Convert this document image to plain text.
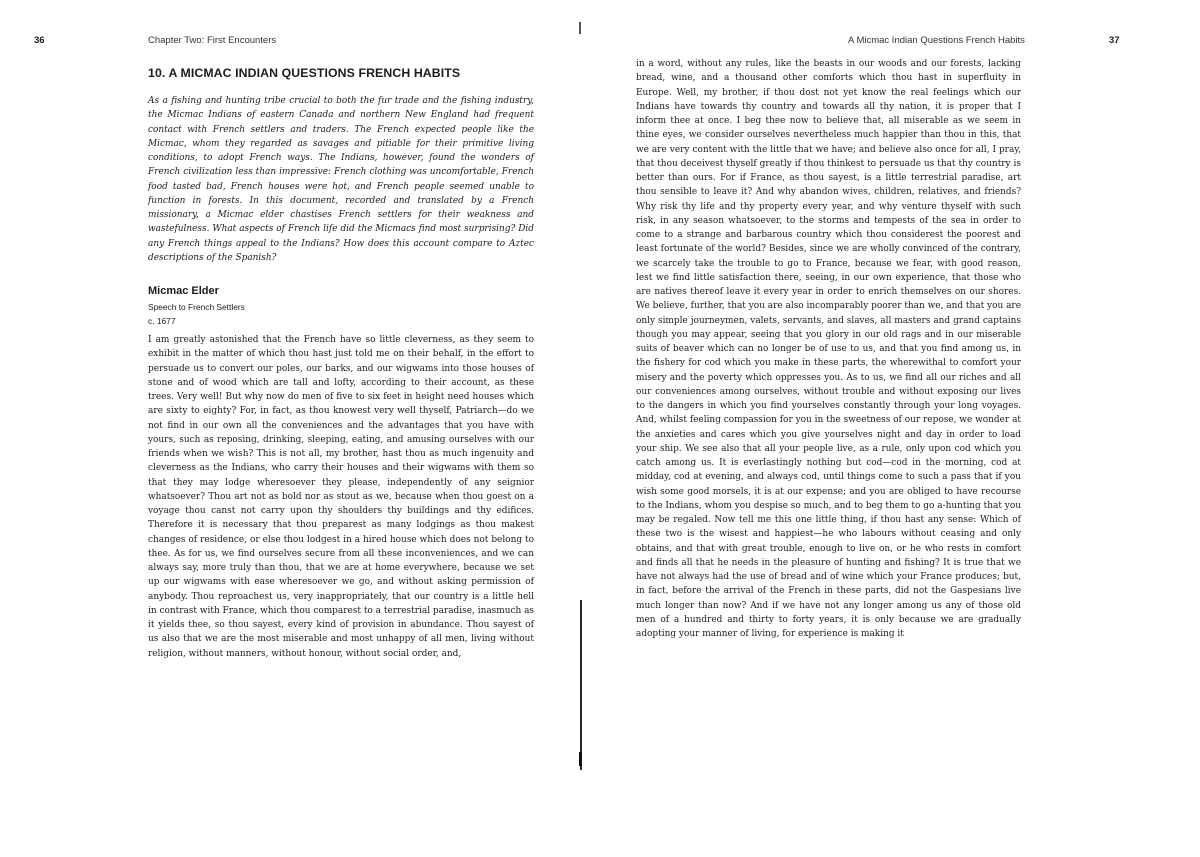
36	Chapter Two: First Encounters
10. A MICMAC INDIAN QUESTIONS FRENCH HABITS

As a fishing and hunting tribe crucial to both the fur trade and the fishing industry, the Micmac Indians of eastern Canada and northern New England had frequent contact with French settlers and traders. The French expected people like the Micmac, whom they regarded as savages and pitiable for their primitive living conditions, to adopt French ways. The Indians, however, found the wonders of French civilization less than impressive: French clothing was uncomfortable, French food tasted bad, French houses were hot, and French people seemed unable to function in forests. In this document, recorded and translated by a French missionary, a Micmac elder chastises French settlers for their weakness and wastefulness. What aspects of French life did the Micmacs find most surprising? Did any French things appeal to the Indians? How does this account compare to Aztec descriptions of the Spanish?

Micmac Elder
Speech to French Settlers
c. 1677

I am greatly astonished that the French have so little cleverness, as they seem to exhibit in the matter of which thou hast just told me on their behalf, in the effort to persuade us to convert our poles, our barks, and our wigwams into those houses of stone and of wood which are tall and lofty, according to their account, as these trees. Very well! But why now do men of five to six feet in height need houses which are sixty to eighty? For, in fact, as thou knowest very well thyself, Patriarch—do we not find in our own all the conveniences and the advantages that you have with yours, such as reposing, drinking, sleeping, eating, and amusing ourselves with our friends when we wish? This is not all, my brother, hast thou as much ingenuity and cleverness as the Indians, who carry their houses and their wigwams with them so that they may lodge wheresoever they please, independently of any seignior whatsoever? Thou art not as bold nor as stout as we, because when thou goest on a voyage thou canst not carry upon thy shoulders thy buildings and thy edifices. Therefore it is necessary that thou preparest as many lodgings as thou makest changes of residence, or else thou lodgest in a hired house which does not belong to thee. As for us, we find ourselves secure from all these inconveniences, and we can always say, more truly than thou, that we are at home everywhere, because we set up our wigwams with ease wheresoever we go, and without asking permission of anybody. Thou reproachest us, very inappropriately, that our country is a little hell in contrast with France, which thou comparest to a terrestrial paradise, inasmuch as it yields thee, so thou sayest, every kind of provision in abundance. Thou sayest of us also that we are the most miserable and most unhappy of all men, living without religion, without manners, without honour, without social order, and,

A Micmac Indian Questions French Habits	37

in a word, without any rules, like the beasts in our woods and our forests, lacking bread, wine, and a thousand other comforts which thou hast in superfluity in Europe. Well, my brother, if thou dost not yet know the real feelings which our Indians have towards thy country and towards all thy nation, it is proper that I inform thee at once. I beg thee now to believe that, all miserable as we seem in thine eyes, we consider ourselves nevertheless much happier than thou in this, that we are very content with the little that we have; and believe also once for all, I pray, that thou deceivest thyself greatly if thou thinkest to persuade us that thy country is better than ours. For if France, as thou sayest, is a little terrestrial paradise, art thou sensible to leave it? And why abandon wives, children, relatives, and friends? Why risk thy life and thy property every year, and why venture thyself with such risk, in any season whatsoever, to the storms and tempests of the sea in order to come to a strange and barbarous country which thou considerest the poorest and least fortunate of the world? Besides, since we are wholly convinced of the contrary, we scarcely take the trouble to go to France, because we fear, with good reason, lest we find little satisfaction there, seeing, in our own experience, that those who are natives thereof leave it every year in order to enrich themselves on our shores. We believe, further, that you are also incomparably poorer than we, and that you are only simple journeymen, valets, servants, and slaves, all masters and grand captains though you may appear, seeing that you glory in our old rags and in our miserable suits of beaver which can no longer be of use to us, and that you find among us, in the fishery for cod which you make in these parts, the wherewithal to comfort your misery and the poverty which oppresses you. As to us, we find all our riches and all our conveniences among ourselves, without trouble and without exposing our lives to the dangers in which you find yourselves constantly through your long voyages. And, whilst feeling compassion for you in the sweetness of our repose, we wonder at the anxieties and cares which you give yourselves night and day in order to load your ship. We see also that all your people live, as a rule, only upon cod which you catch among us. It is everlastingly nothing but cod—cod in the morning, cod at midday, cod at evening, and always cod, until things come to such a pass that if you wish some good morsels, it is at our expense; and you are obliged to have recourse to the Indians, whom you despise so much, and to beg them to go a-hunting that you may be regaled. Now tell me this one little thing, if thou hast any sense: Which of these two is the wisest and happiest—he who labours without ceasing and only obtains, and that with great trouble, enough to live on, or he who rests in comfort and finds all that he needs in the pleasure of hunting and fishing? It is true that we have not always had the use of bread and of wine which your France produces; but, in fact, before the arrival of the French in these parts, did not the Gaspesians live much longer than now? And if we have not any longer among us any of those old men of a hundred and thirty to forty years, it is only because we are gradually adopting your manner of living, for experience is making it
